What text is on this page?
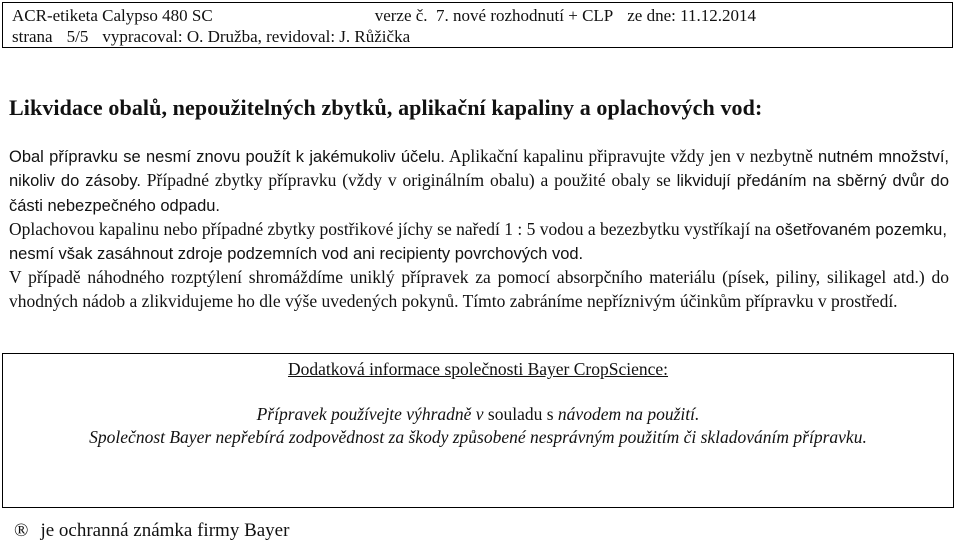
ACR-etiketa Calypso 480 SC	verze č.  7. nové rozhodnutí + CLP ze dne: 11.12.2014
strana 5/5 vypracoval: O. Družba, revidoval: J. Růžička
Likvidace obalů, nepoužitelných zbytků, aplikační kapaliny a oplachových vod:

Obal přípravku se nesmí znovu použít k jakémukoliv účelu. Aplikační kapalinu připravujte vždy jen v nezbytně nutném množství, nikoliv do zásoby. Případné zbytky přípravku (vždy v originálním obalu) a použité obaly se likvidují předáním na sběrný dvůr do části nebezpečného odpadu.

Oplachovou kapalinu nebo případné zbytky postřikové jíchy se naředí 1 : 5 vodou a bezezbytku vystříkají na ošetřovaném pozemku, nesmí však zasáhnout zdroje podzemních vod ani recipienty povrchových vod.

V případě náhodného rozptýlení shromáždíme uniklý přípravek za pomocí absorpčního materiálu (písek, piliny, silikagel atd.) do vhodných nádob a zlikvidujeme ho dle výše uvedených pokynů. Tímto zabráníme nepříznivým účinkům přípravku v prostředí.

Dodatková informace společnosti Bayer CropScience:
Přípravek používejte výhradně v souladu s návodem na použití.
Společnost Bayer nepřebírá zodpovědnost za škody způsobené nesprávným použitím či skladováním přípravku.
® je ochranná známka firmy Bayer
